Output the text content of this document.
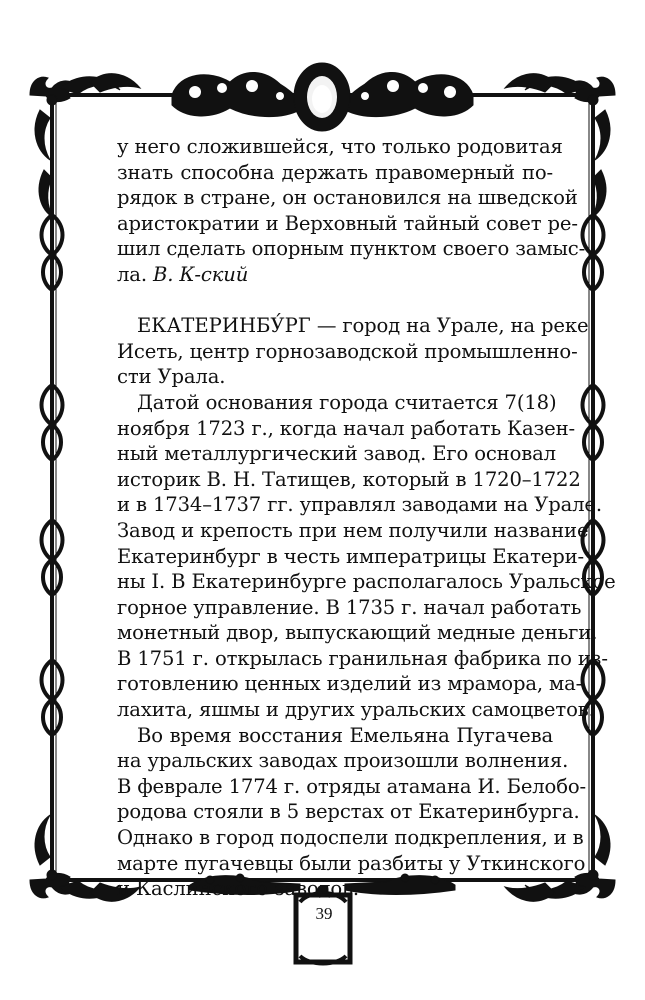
у него сложившейся, что только родовитая
знать способна держать правомерный по-
рядок в стране, он остановился на шведской
аристократии и Верховный тайный совет ре-
шил сделать опорным пунктом своего замыс-
ла. В. К-ский
ЕКАТЕРИНБУ́РГ — город на Урале, на реке
Исеть, центр горнозаводской промышленно-
сти Урала.
Датой основания города считается 7(18)
ноября 1723 г., когда начал работать Казен-
ный металлургический завод. Его основал
историк В. Н. Татищев, который в 1720–1722
и в 1734–1737 гг. управлял заводами на Урале.
Завод и крепость при нем получили название
Екатеринбург в честь императрицы Екатери-
ны I. В Екатеринбурге располагалось Уральское
горное управление. В 1735 г. начал работать
монетный двор, выпускающий медные деньги.
В 1751 г. открылась гранильная фабрика по из-
готовлению ценных изделий из мрамора, ма-
лахита, яшмы и других уральских самоцветов.
Во время восстания Емельяна Пугачева
на уральских заводах произошли волнения.
В феврале 1774 г. отряды атамана И. Белобо-
родова стояли в 5 верстах от Екатеринбурга.
Однако в город подоспели подкрепления, и в
марте пугачевцы были разбиты у Уткинского
и Каслинского заводов.
39
